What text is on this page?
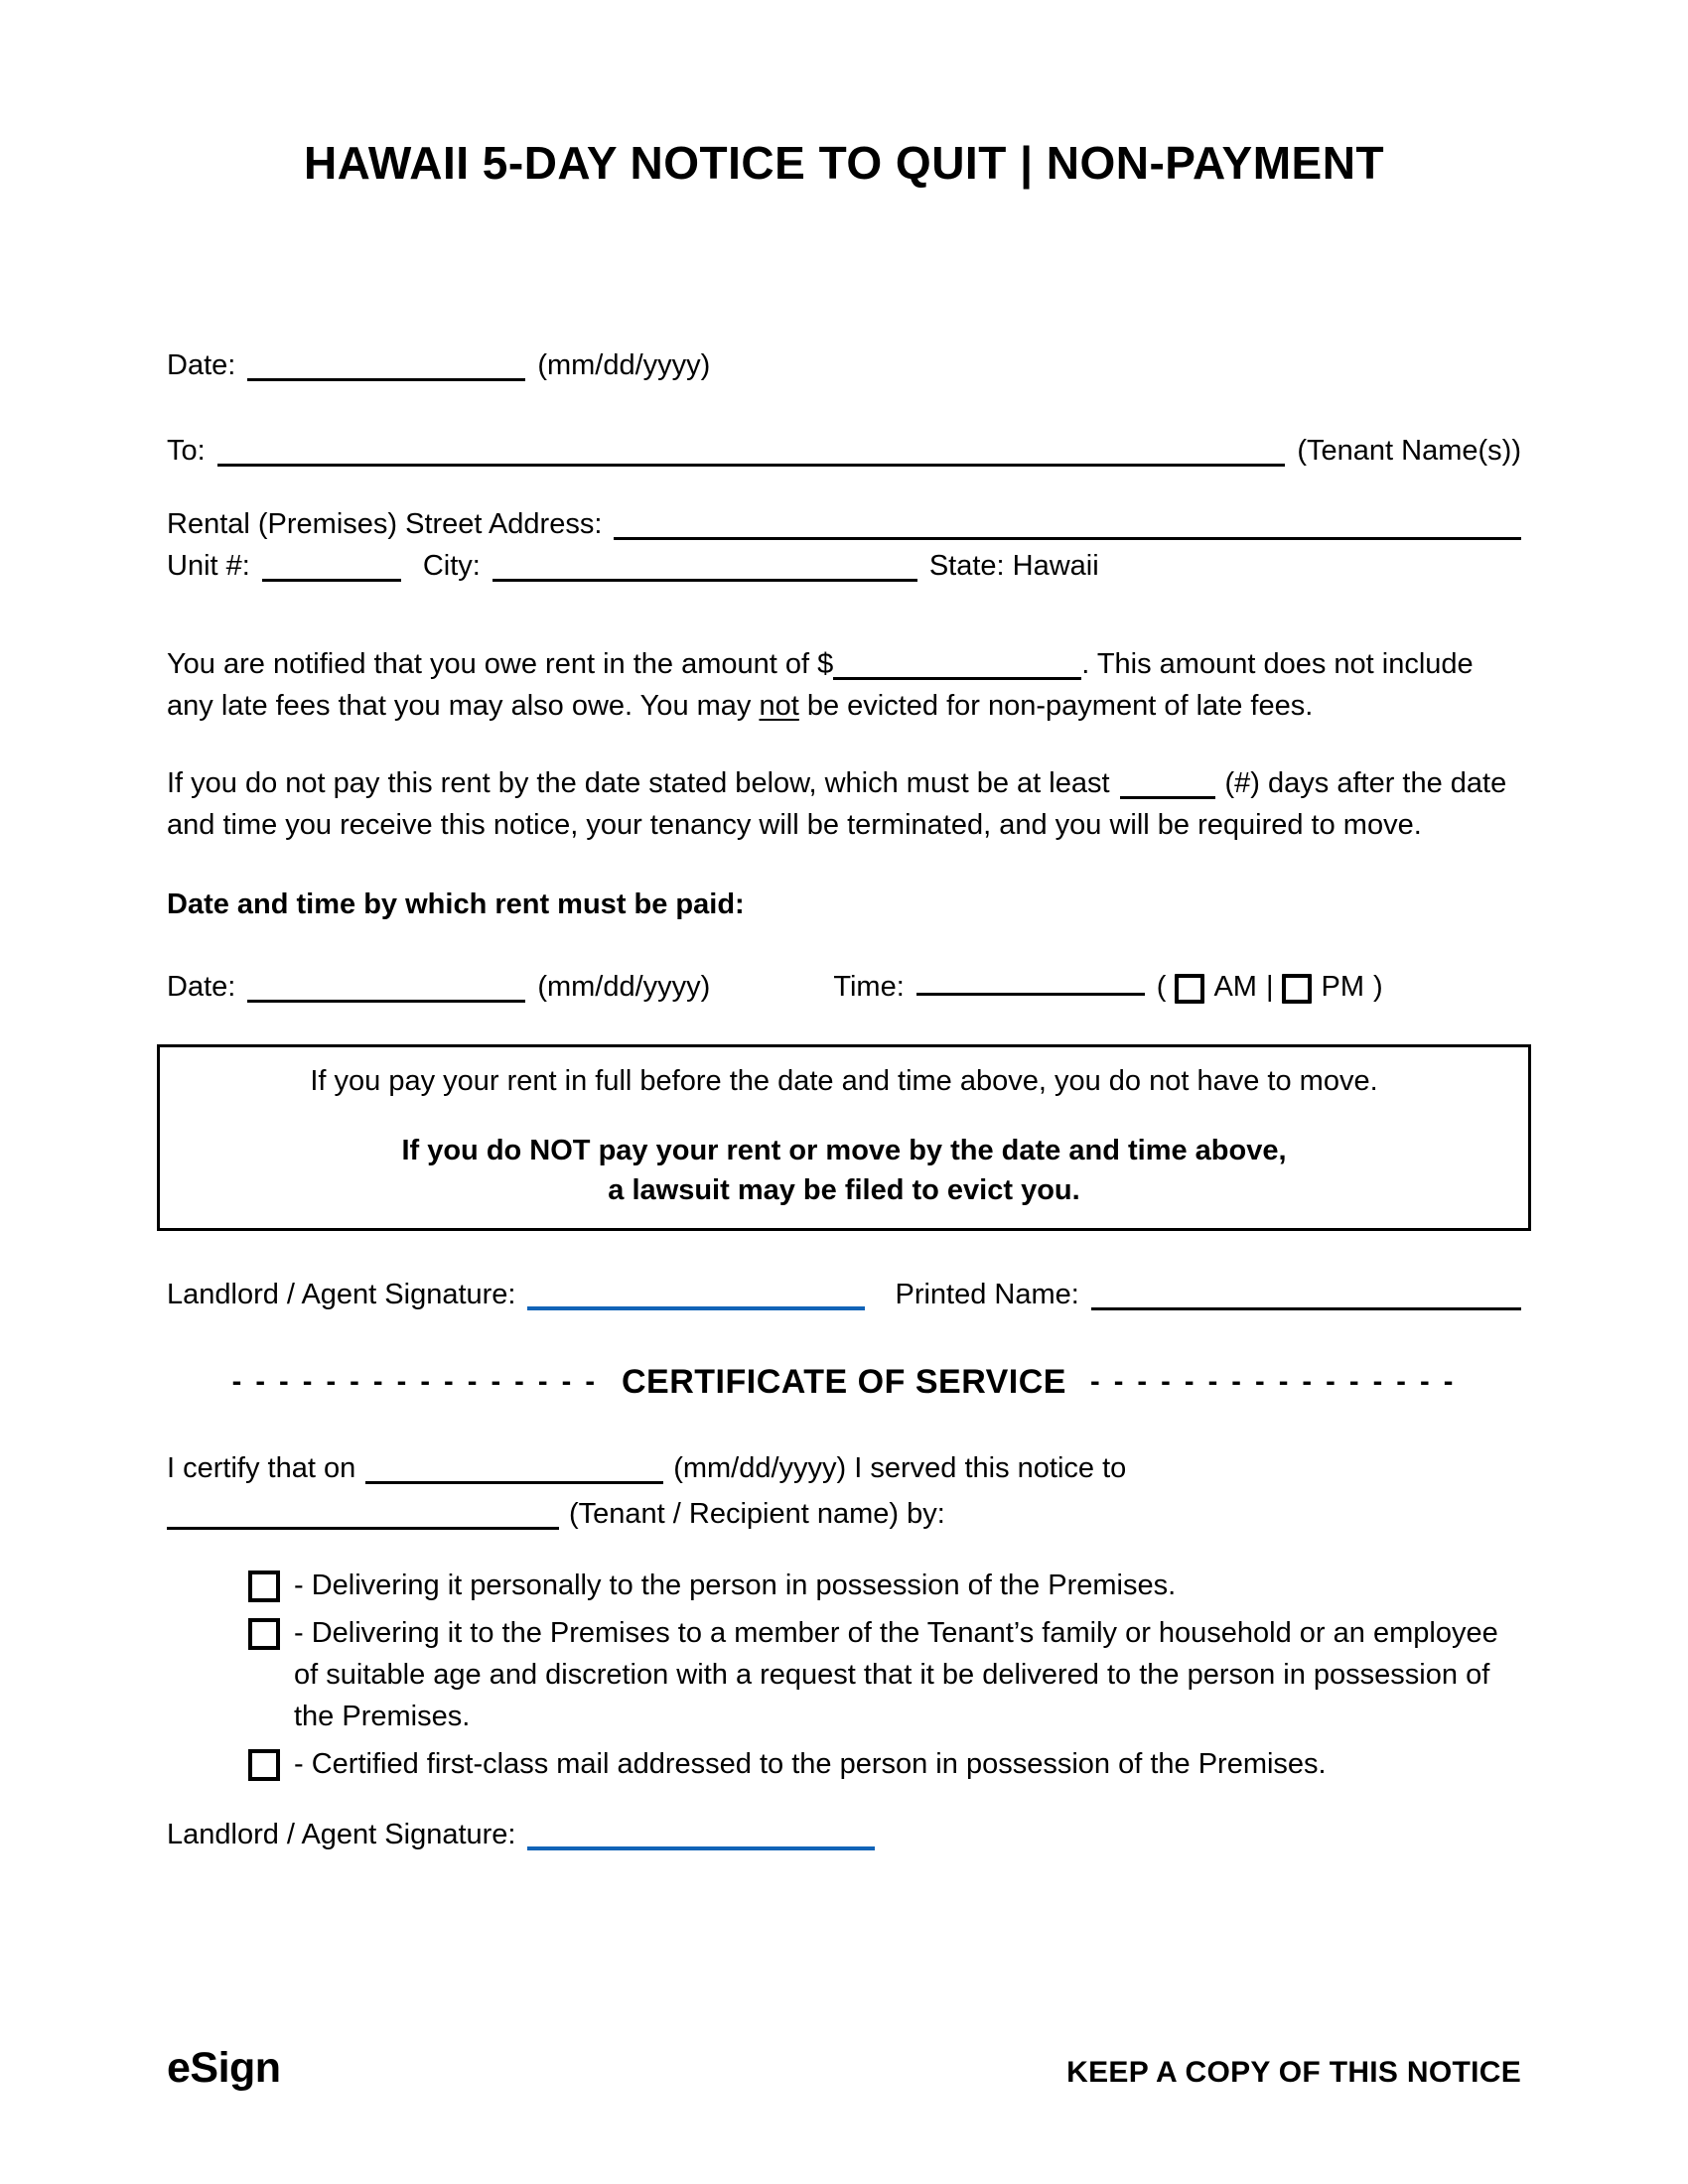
HAWAII 5-DAY NOTICE TO QUIT | NON-PAYMENT
Date:	(mm/dd/yyyy)
To:	(Tenant Name(s))
Rental (Premises) Street Address:
Unit #:	City:	State: Hawaii

You are notified that you owe rent in the amount of $	. This amount does not include any late fees that you may also owe. You may not be evicted for non-payment of late fees.

If you do not pay this rent by the date stated below, which must be at least	(#) days after the date and time you receive this notice, your tenancy will be terminated, and you will be required to move.

Date and time by which rent must be paid:
Date:	(mm/dd/yyyy)	Time:	( AM | PM )
If you pay your rent in full before the date and time above, you do not have to move.
If you do NOT pay your rent or move by the date and time above,
a lawsuit may be filed to evict you.
Landlord / Agent Signature:	Printed Name:
- - - - - - - - - - - - - - - - CERTIFICATE OF SERVICE - - - - - - - - - - - - - - - -
I certify that on	(mm/dd/yyyy) I served this notice to
(Tenant / Recipient name) by:
- Delivering it personally to the person in possession of the Premises.
- Delivering it to the Premises to a member of the Tenant’s family or household or an employee of suitable age and discretion with a request that it be delivered to the person in possession of the Premises.
- Certified first-class mail addressed to the person in possession of the Premises.
Landlord / Agent Signature:
eSign	KEEP A COPY OF THIS NOTICE
